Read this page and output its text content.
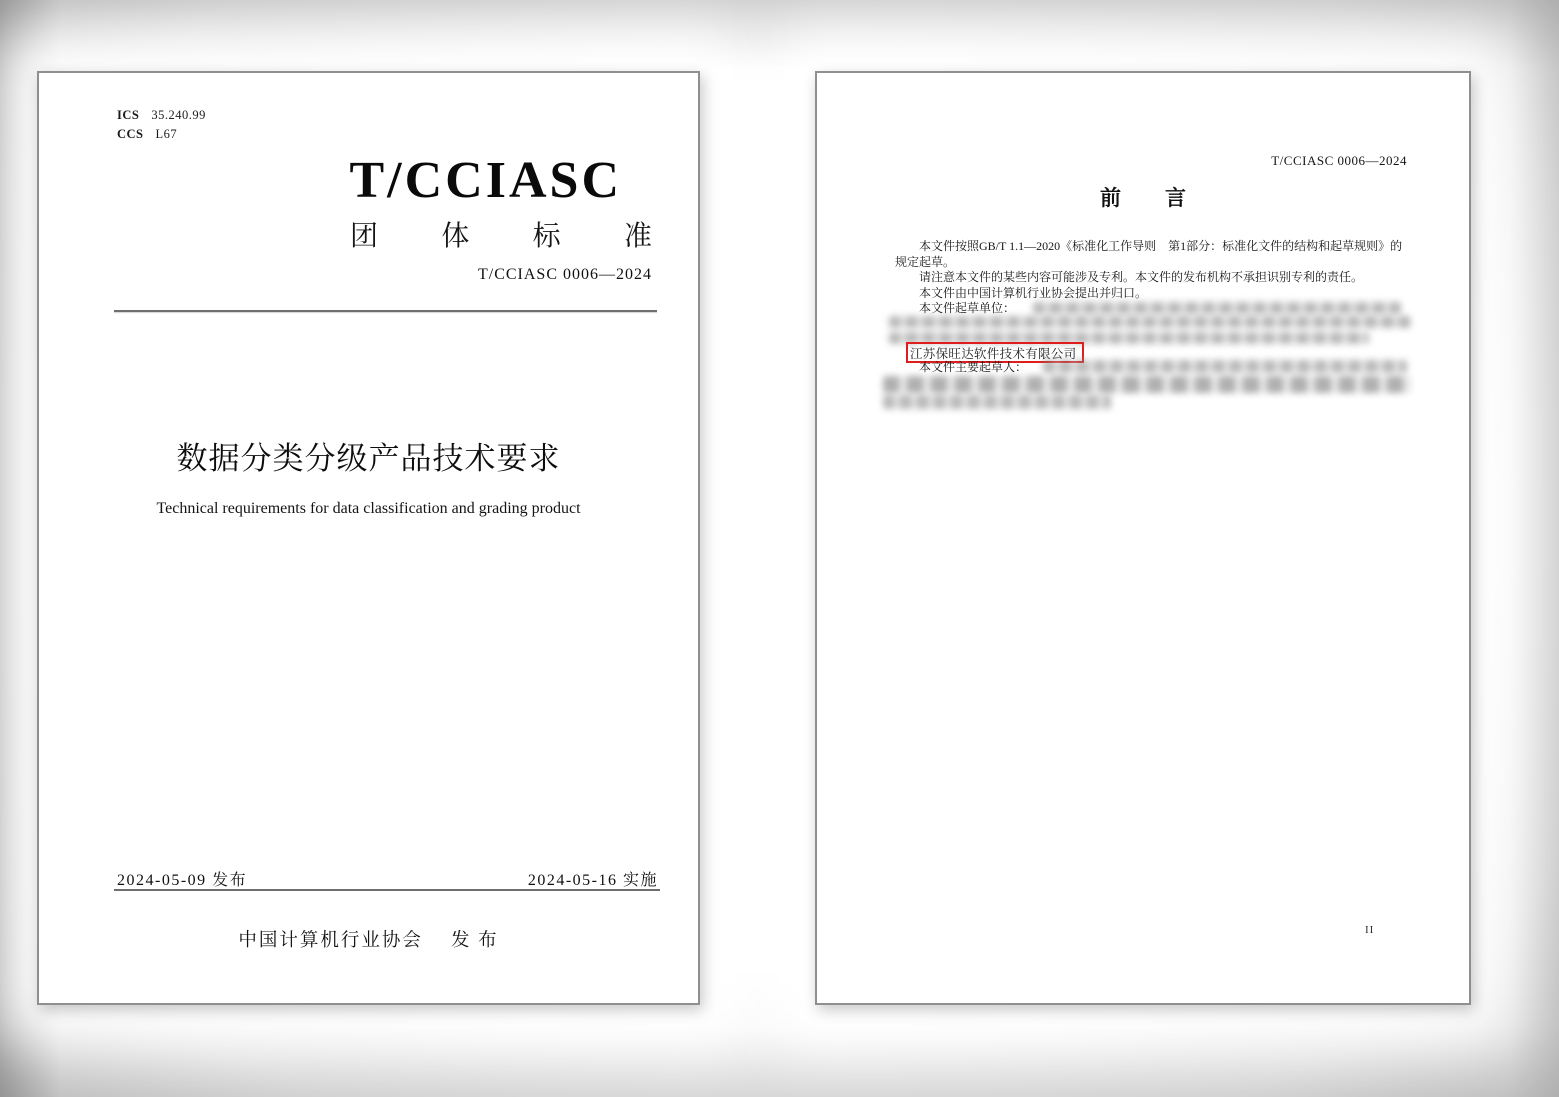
ICS 35.240.99
CCS L67
T/CCIASC
团 体 标 准
T/CCIASC 0006—2024
数据分类分级产品技术要求
Technical requirements for data classification and grading product
2024-05-09 发布	2024-05-16 实施
中国计算机行业协会 发 布
T/CCIASC 0006—2024
前 言

本文件按照GB/T 1.1—2020《标准化工作导则　第1部分：标准化文件的结构和起草规则》的规定起草。

请注意本文件的某些内容可能涉及专利。本文件的发布机构不承担识别专利的责任。

本文件由中国计算机行业协会提出并归口。

本文件起草单位：

江苏保旺达软件技术有限公司
本文件主要起草人：
II
